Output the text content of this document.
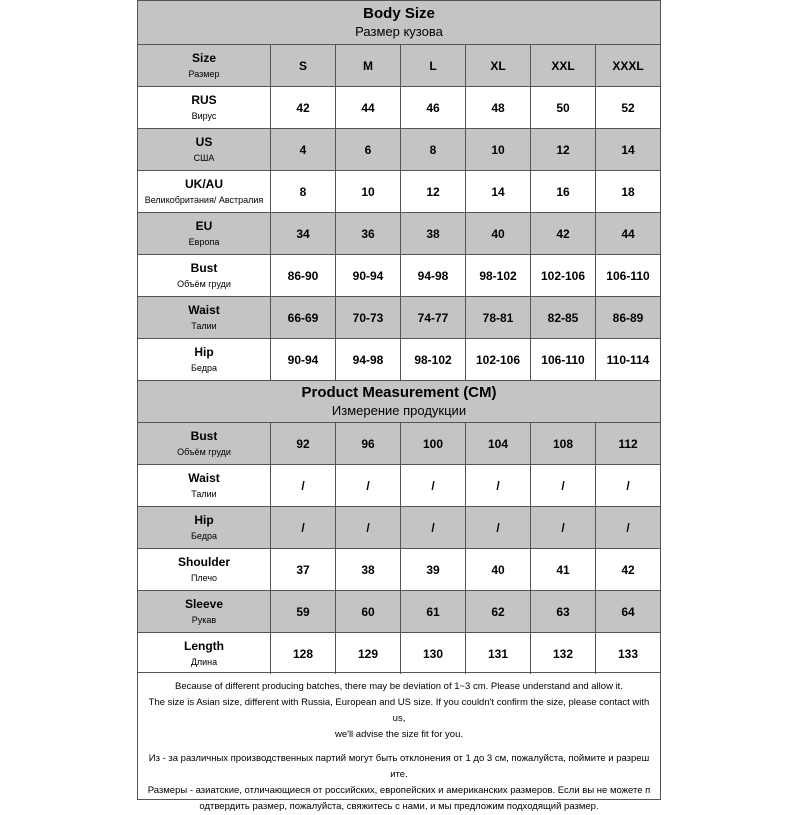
Body Size
Размер кузова
Size
Размер
S	M	L	XL	XXL	XXXL
RUS
Вирус
42	44	46	48	50	52
US
США
4	6	8	10	12	14
UK/AU
Великобритания/ Австралия
8	10	12	14	16	18
EU
Европа
34	36	38	40	42	44
Bust
Объём груди
86-90	90-94	94-98	98-102	102-106	106-110
Waist
Талии
66-69	70-73	74-77	78-81	82-85	86-89
Hip
Бедра
90-94	94-98	98-102	102-106	106-110	110-114
Product Measurement (CM)
Измерение продукции
Bust
Объём груди
92	96	100	104	108	112
Waist
Талии
/	/	/	/	/	/
Hip
Бедра
/	/	/	/	/	/
Shoulder
Плечо
37	38	39	40	41	42
Sleeve
Рукав
59	60	61	62	63	64
Length
Длина
128	129	130	131	132	133

Because of different producing batches, there may be deviation of 1~3 cm. Please understand and allow it.

The size is Asian size, different with Russia, European and US size. If you couldn't confirm the size, please contact with us,

we'll advise the size fit for you.

Из - за различных производственных партий могут быть отклонения от 1 до 3 см, пожалуйста, поймите и разреш

ите.

Размеры - азиатские, отличающиеся от российских, европейских и американских размеров. Если вы не можете п

одтвердить размер, пожалуйста, свяжитесь с нами, и мы предложим подходящий размер.
